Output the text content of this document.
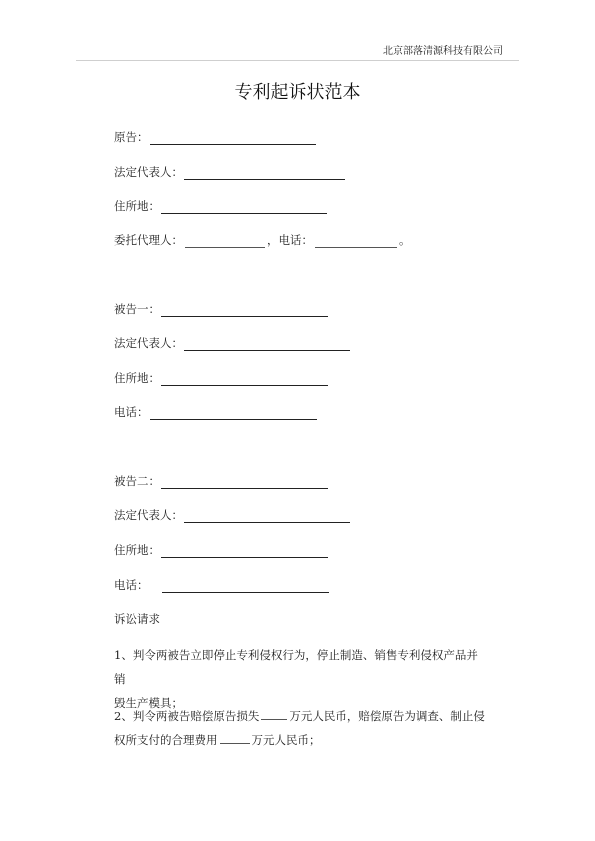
北京部落清源科技有限公司
专利起诉状范本
原告：
法定代表人：
住所地：
委托代理人：	，电话：	。
被告一：
法定代表人：
住所地：
电话：
被告二：
法定代表人：
住所地：
电话：
诉讼请求
1、判令两被告立即停止专利侵权行为，停止制造、销售专利侵权产品并销
毁生产模具；
2、判令两被告赔偿原告损失	万元人民币，赔偿原告为调查、制止侵
权所支付的合理费用	万元人民币；
